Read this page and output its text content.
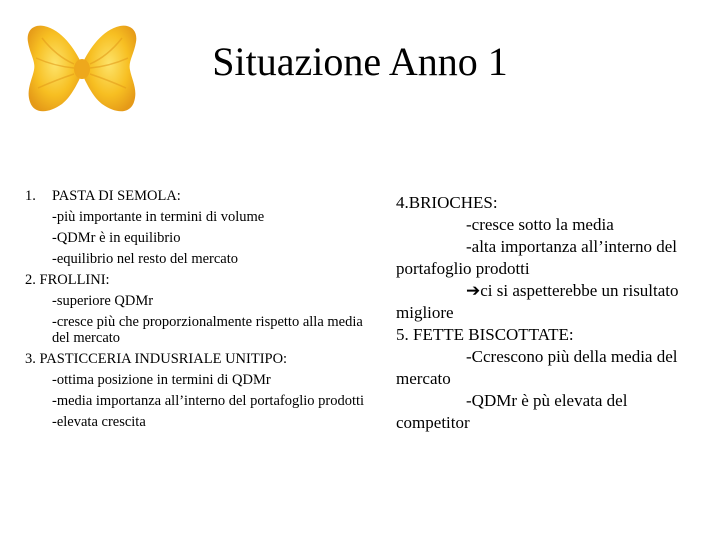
Situazione Anno 1
1. PASTA DI SEMOLA:
-più importante in termini di volume
-QDMr è in equilibrio
-equilibrio nel resto del mercato
2. FROLLINI:
-superiore QDMr
-cresce più che proporzionalmente rispetto alla media del mercato
3. PASTICCERIA INDUSRIALE UNITIPO:
-ottima posizione in termini di QDMr
-media importanza all’interno del portafoglio prodotti
-elevata crescita

4.BRIOCHES:

-cresce sotto la media

-alta importanza all’interno del portafoglio prodotti

➔ci si aspetterebbe un risultato migliore

5. FETTE BISCOTTATE:

-Ccrescono più della media del mercato

-QDMr è pù elevata del competitor
